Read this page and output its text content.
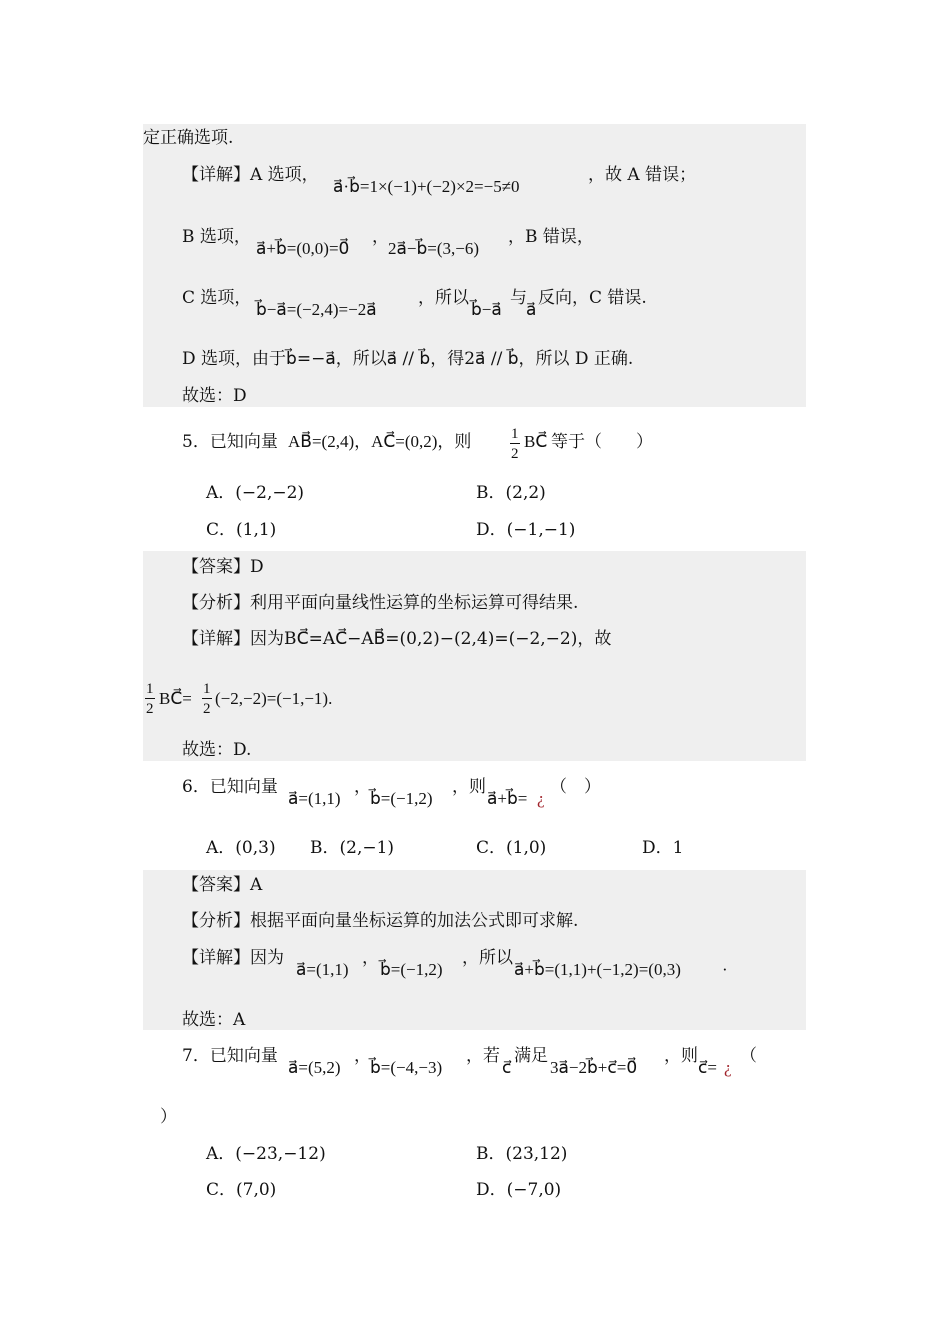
定正确选项.
【详解】A 选项，
a⃗·b⃗=1×(−1)+(−2)×2=−5≠0
，故 A 错误；
B 选项，
a⃗+b⃗=(0,0)=0⃗
，
2a⃗−b⃗=(3,−6)
，B 错误，
C 选项，
b⃗−a⃗=(−2,4)=−2a⃗
，所以
b⃗−a⃗
与
a⃗
反向，C 错误.
D 选项，由于b⃗=−a⃗，所以a⃗ // b⃗，得2a⃗ // b⃗，所以 D 正确.
故选：D
5．已知向量 AB⃗=(2,4)，AC⃗=(0,2)，则	1
2
BC⃗ 等于（　　）
A．(−2,−2)	B．(2,2)
C．(1,1)	D．(−1,−1)
【答案】D
【分析】利用平面向量线性运算的坐标运算可得结果.
【详解】因为BC⃗=AC⃗−AB⃗=(0,2)−(2,4)=(−2,−2)，故
1
2
BC⃗= 1
2
(−2,−2)=(−1,−1).
故选：D.
6．已知向量
a⃗=(1,1)
，
b⃗=(−1,2)
，则
a⃗+b⃗= ¿
（　）
A．(0,3) B．(2,−1)	C．(1,0)	D．1
【答案】A
【分析】根据平面向量坐标运算的加法公式即可求解.
【详解】因为
a⃗=(1,1)
，
b⃗=(−1,2)
，所以
a⃗+b⃗=(1,1)+(−1,2)=(0,3) ·
故选：A
7．已知向量
a⃗=(5,2)
，
b⃗=(−4,−3)
，若
c⃗
满足
3a⃗−2b⃗+c⃗=0⃗
，则
c⃗= ¿
（
）
A．(−23,−12)	B．(23,12)
C．(7,0)	D．(−7,0)
